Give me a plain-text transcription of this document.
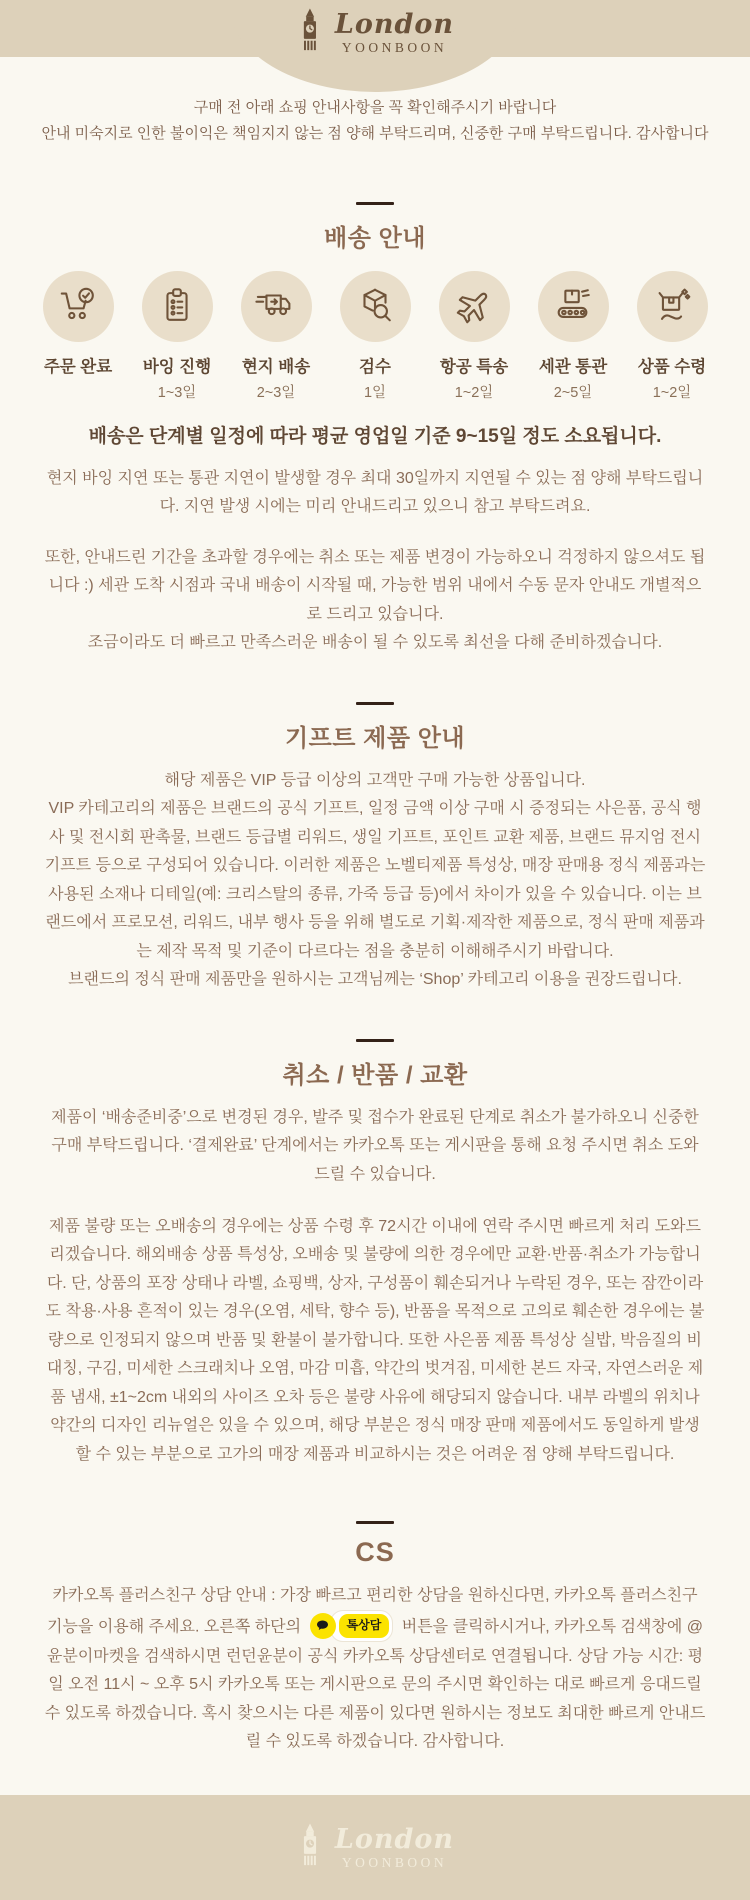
London
YOONBOON
구매 전 아래 쇼핑 안내사항을 꼭 확인해주시기 바랍니다
안내 미숙지로 인한 불이익은 책임지지 않는 점 양해 부탁드리며, 신중한 구매 부탁드립니다. 감사합니다
배송 안내
주문 완료 바잉 진행
1~3일
현지 배송
2~3일
검수
1일
항공 특송
1~2일
세관 통관
2~5일
상품 수령
1~2일

배송은 단계별 일정에 따라 평균 영업일 기준 9~15일 정도 소요됩니다.

현지 바잉 지연 또는 통관 지연이 발생할 경우 최대 30일까지 지연될 수 있는 점 양해 부탁드립니다. 지연 발생 시에는 미리 안내드리고 있으니 참고 부탁드려요.

또한, 안내드린 기간을 초과할 경우에는 취소 또는 제품 변경이 가능하오니 걱정하지 않으셔도 됩니다 :) 세관 도착 시점과 국내 배송이 시작될 때, 가능한 범위 내에서 수동 문자 안내도 개별적으로 드리고 있습니다.

조금이라도 더 빠르고 만족스러운 배송이 될 수 있도록 최선을 다해 준비하겠습니다.

기프트 제품 안내

해당 제품은 VIP 등급 이상의 고객만 구매 가능한 상품입니다.

VIP 카테고리의 제품은 브랜드의 공식 기프트, 일정 금액 이상 구매 시 증정되는 사은품, 공식 행사 및 전시회 판촉물, 브랜드 등급별 리워드, 생일 기프트, 포인트 교환 제품, 브랜드 뮤지엄 전시 기프트 등으로 구성되어 있습니다. 이러한 제품은 노벨티제품 특성상, 매장 판매용 정식 제품과는 사용된 소재나 디테일(예: 크리스탈의 종류, 가죽 등급 등)에서 차이가 있을 수 있습니다. 이는 브랜드에서 프로모션, 리워드, 내부 행사 등을 위해 별도로 기획·제작한 제품으로, 정식 판매 제품과는 제작 목적 및 기준이 다르다는 점을 충분히 이해해주시기 바랍니다.

브랜드의 정식 판매 제품만을 원하시는 고객님께는 ‘Shop’ 카테고리 이용을 권장드립니다.

취소 / 반품 / 교환

제품이 ‘배송준비중’으로 변경된 경우, 발주 및 접수가 완료된 단계로 취소가 불가하오니 신중한 구매 부탁드립니다. ‘결제완료’ 단계에서는 카카오톡 또는 게시판을 통해 요청 주시면 취소 도와드릴 수 있습니다.

제품 불량 또는 오배송의 경우에는 상품 수령 후 72시간 이내에 연락 주시면 빠르게 처리 도와드리겠습니다. 해외배송 상품 특성상, 오배송 및 불량에 의한 경우에만 교환·반품·취소가 가능합니다. 단, 상품의 포장 상태나 라벨, 쇼핑백, 상자, 구성품이 훼손되거나 누락된 경우, 또는 잠깐이라도 착용·사용 흔적이 있는 경우(오염, 세탁, 향수 등), 반품을 목적으로 고의로 훼손한 경우에는 불량으로 인정되지 않으며 반품 및 환불이 불가합니다. 또한 사은품 제품 특성상 실밥, 박음질의 비대칭, 구김, 미세한 스크래치나 오염, 마감 미흡, 약간의 벗겨짐, 미세한 본드 자국, 자연스러운 제품 냄새, ±1~2cm 내외의 사이즈 오차 등은 불량 사유에 해당되지 않습니다. 내부 라벨의 위치나 약간의 디자인 리뉴얼은 있을 수 있으며, 해당 부분은 정식 매장 판매 제품에서도 동일하게 발생할 수 있는 부분으로 고가의 매장 제품과 비교하시는 것은 어려운 점 양해 부탁드립니다.

CS

카카오톡 플러스친구 상담 안내 : 가장 빠르고 편리한 상담을 원하신다면, 카카오톡 플러스친구 기능을 이용해 주세요. 오른쪽 하단의	톡상담	버튼을 클릭하시거나, 카카오톡 검색창에 @윤분이마켓을 검색하시면 런던윤분이 공식 카카오톡 상담센터로 연결됩니다. 상담 가능 시간: 평일 오전 11시 ~ 오후 5시 카카오톡 또는 게시판으로 문의 주시면 확인하는 대로 빠르게 응대드릴 수 있도록 하겠습니다. 혹시 찾으시는 다른 제품이 있다면 원하시는 정보도 최대한 빠르게 안내드릴 수 있도록 하겠습니다. 감사합니다.

London
YOONBOON
